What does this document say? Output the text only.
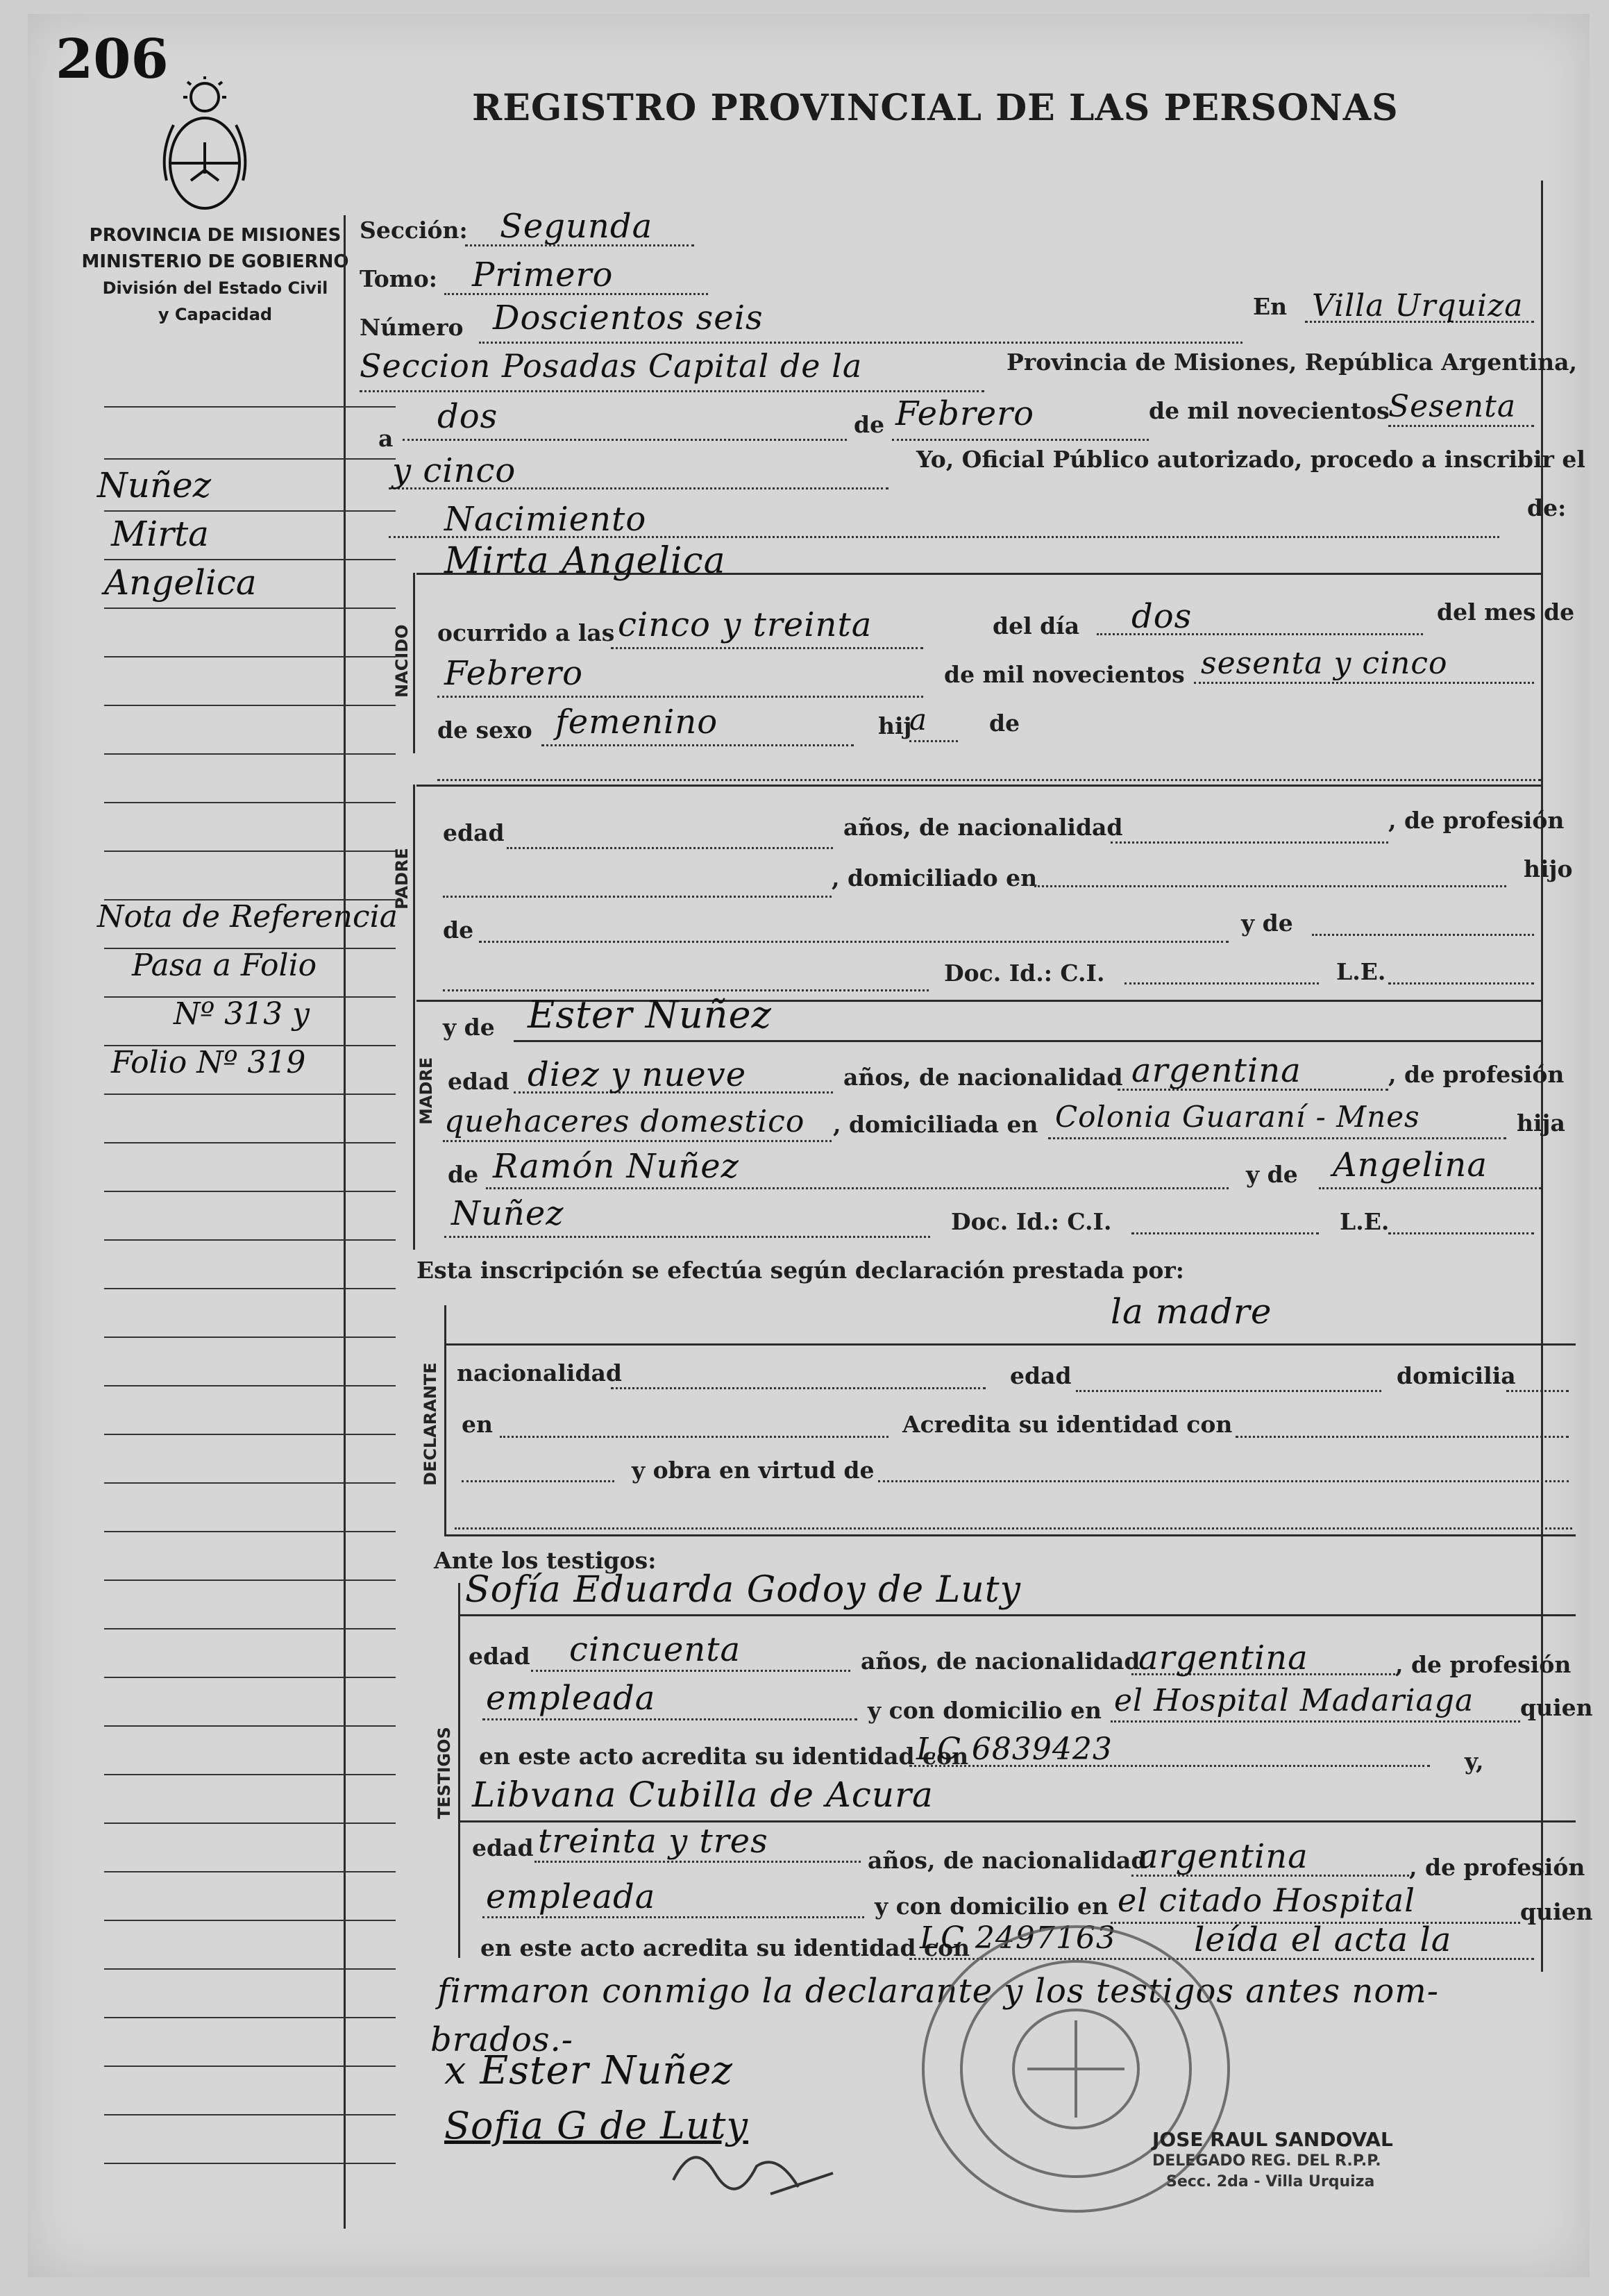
206
REGISTRO PROVINCIAL DE LAS PERSONAS
PROVINCIA DE MISIONES
MINISTERIO DE GOBIERNO
División del Estado Civil
y Capacidad
Nuñez
Mirta
Angelica
Nota de Referencia
Pasa a Folio
Nº 313 y
Folio Nº 319
Sección: Segunda
Tomo: Primero
Número Doscientos seis	En Villa Urquiza
Seccion Posadas Capital de la	Provincia de Misiones, República Argentina,
a
dos	de Febrero	de mil novecientos
Sesenta
y cinco	Yo, Oficial Público autorizado, procedo a inscribir el
Nacimiento	de:
Mirta Angelica
NACIDO ocurrido a las cinco y treinta	del día dos	del mes de
Febrero	de mil novecientos sesenta y cinco
de sexo femenino	hij
a	de
PADRE
edad	años, de nacionalidad	, de profesión
, domiciliado en	hijo
de	y de
Doc. Id.: C.I.	L.E.
MADRE
y de Ester Nuñez
edad diez y nueve	años, de nacionalidad argentina	, de profesión
quehaceres domestico , domiciliada en Colonia Guaraní - Mnes	hija
de Ramón Nuñez	y de Angelina
Nuñez	Doc. Id.: C.I.	L.E.
Esta inscripción se efectúa según declaración prestada por:
la madre
DECLARANTE nacionalidad	edad	domicilia
en	Acredita su identidad con
y obra en virtud de
Ante los testigos:
TESTIGOS
Sofía Eduarda Godoy de Luty
edad cincuenta	años, de nacionalidad
argentina	, de profesión
empleada	y con domicilio en el Hospital Madariaga quien
en este acto acredita su identidad con
LC 6839423	y,
Libvana Cubilla de Acura
edad treinta y tres	años, de nacionalidad
argentina	, de profesión
empleada	y con domicilio en el citado Hospital	quien
en este acto acredita su identidad con
LC 2497163 leída el acta la
firmaron conmigo la declarante y los testigos antes nom-
brados.-
x Ester Nuñez
Sofia G de Luty	JOSE RAUL SANDOVAL
DELEGADO REG. DEL R.P.P.
Secc. 2da - Villa Urquiza
